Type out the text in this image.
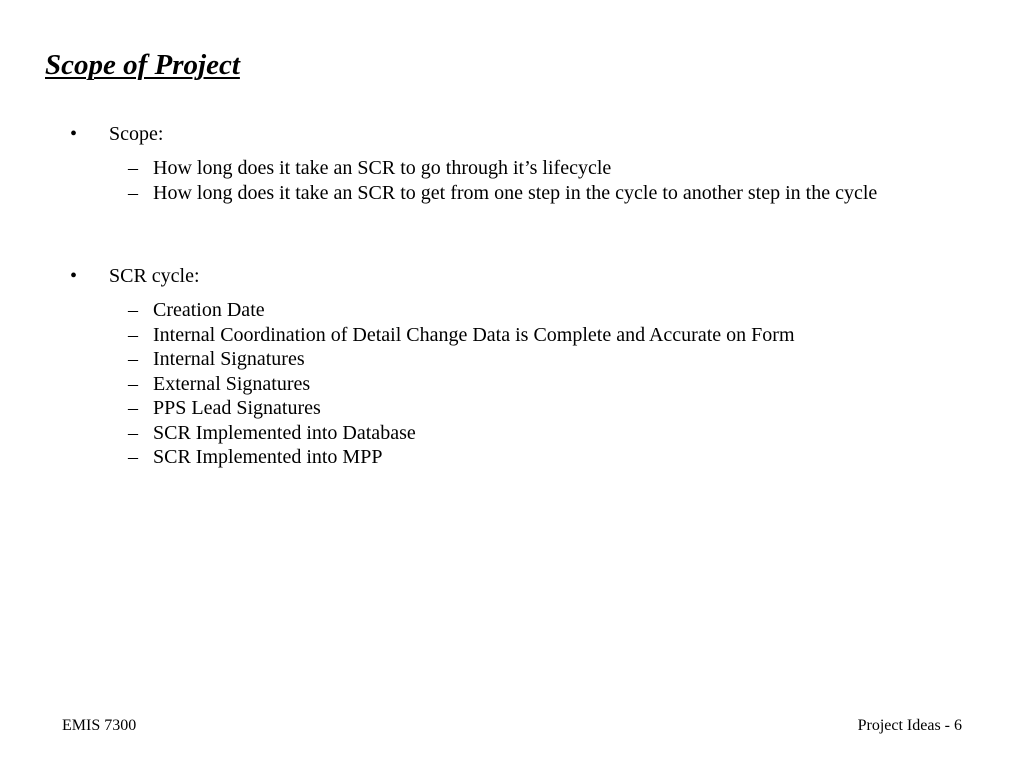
Scope of Project
• Scope:
– How long does it take an SCR to go through it’s lifecycle
– How long does it take an SCR to get from one step in the cycle to another step in the cycle
• SCR cycle:
– Creation Date
– Internal Coordination of Detail Change Data is Complete and Accurate on Form
– Internal Signatures
– External Signatures
– PPS Lead Signatures
– SCR Implemented into Database
– SCR Implemented into MPP
EMIS 7300	Project Ideas - 6
